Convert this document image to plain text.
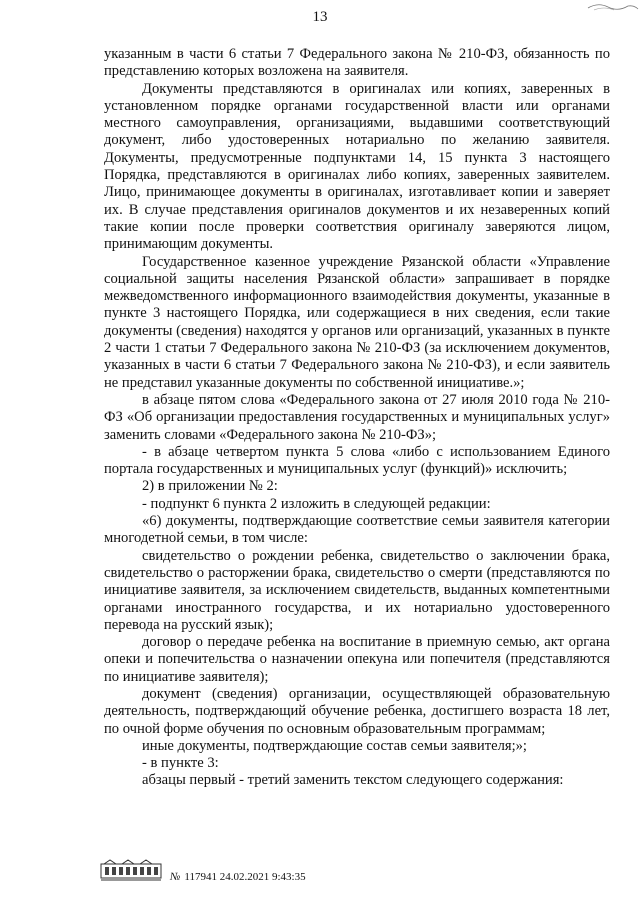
13

указанным в части 6 статьи 7 Федерального закона № 210-ФЗ, обязанность по представлению которых возложена на заявителя.

Документы представляются в оригиналах или копиях, заверенных в установленном порядке органами государственной власти или органами местного самоуправления, организациями, выдавшими соответствующий документ, либо удостоверенных нотариально по желанию заявителя. Документы, предусмотренные подпунктами 14, 15 пункта 3 настоящего Порядка, представляются в оригиналах либо копиях, заверенных заявителем. Лицо, принимающее документы в оригиналах, изготавливает копии и заверяет их. В случае представления оригиналов документов и их незаверенных копий такие копии после проверки соответствия оригиналу заверяются лицом, принимающим документы.

Государственное казенное учреждение Рязанской области «Управление социальной защиты населения Рязанской области» запрашивает в порядке межведомственного информационного взаимодействия документы, указанные в пункте 3 настоящего Порядка, или содержащиеся в них сведения, если такие документы (сведения) находятся у органов или организаций, указанных в пункте 2 части 1 статьи 7 Федерального закона № 210-ФЗ (за исключением документов, указанных в части 6 статьи 7 Федерального закона № 210-ФЗ), и если заявитель не представил указанные документы по собственной инициативе.»;

в абзаце пятом слова «Федерального закона от 27 июля 2010 года № 210-ФЗ «Об организации предоставления государственных и муниципальных услуг» заменить словами «Федерального закона № 210-ФЗ»;

- в абзаце четвертом пункта 5 слова «либо с использованием Единого портала государственных и муниципальных услуг (функций)» исключить;

2) в приложении № 2:

- подпункт 6 пункта 2 изложить в следующей редакции:

«6) документы, подтверждающие соответствие семьи заявителя категории многодетной семьи, в том числе:

свидетельство о рождении ребенка, свидетельство о заключении брака, свидетельство о расторжении брака, свидетельство о смерти (представляются по инициативе заявителя, за исключением свидетельств, выданных компетентными органами иностранного государства, и их нотариально удостоверенного перевода на русский язык);

договор о передаче ребенка на воспитание в приемную семью, акт органа опеки и попечительства о назначении опекуна или попечителя (представляются по инициативе заявителя);

документ (сведения) организации, осуществляющей образовательную деятельность, подтверждающий обучение ребенка, достигшего возраста 18 лет, по очной форме обучения по основным образовательным программам;

иные документы, подтверждающие состав семьи заявителя;»;

- в пункте 3:

абзацы первый - третий заменить текстом следующего содержания:

№ 117941 24.02.2021 9:43:35
